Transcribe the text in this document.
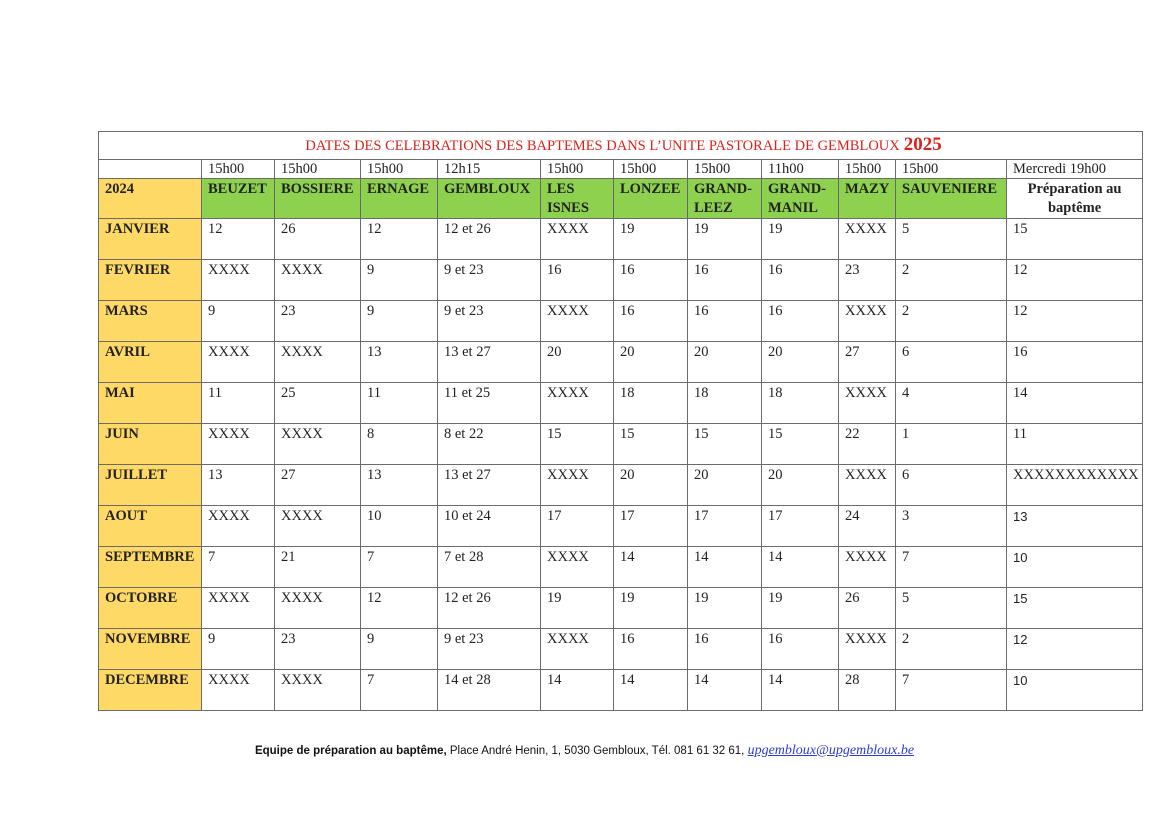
DATES DES CELEBRATIONS DES BAPTEMES DANS L’UNITE PASTORALE DE GEMBLOUX 2025											
	15h00	15h00	15h00	12h15	15h00	15h00	15h00	11h00	15h00	15h00	Mercredi 19h00
2024	BEUZET	BOSSIERE	ERNAGE	GEMBLOUX	LES ISNES	LONZEE	GRAND-LEEZ	GRAND-MANIL	MAZY	SAUVENIERE	Préparation au baptême
JANVIER	12	26	12	12 et 26	XXXX	19	19	19	XXXX	5	15
FEVRIER	XXXX	XXXX	9	9 et 23	16	16	16	16	23	2	12
MARS	9	23	9	9 et 23	XXXX	16	16	16	XXXX	2	12
AVRIL	XXXX	XXXX	13	13 et 27	20	20	20	20	27	6	16
MAI	11	25	11	11 et 25	XXXX	18	18	18	XXXX	4	14
JUIN	XXXX	XXXX	8	8 et 22	15	15	15	15	22	1	11
JUILLET	13	27	13	13 et 27	XXXX	20	20	20	XXXX	6	XXXXXXXXXXXX
AOUT	XXXX	XXXX	10	10 et 24	17	17	17	17	24	3	13
SEPTEMBRE	7	21	7	7 et 28	XXXX	14	14	14	XXXX	7	10
OCTOBRE	XXXX	XXXX	12	12 et 26	19	19	19	19	26	5	15
NOVEMBRE	9	23	9	9 et 23	XXXX	16	16	16	XXXX	2	12
DECEMBRE	XXXX	XXXX	7	14 et 28	14	14	14	14	28	7	10
Equipe de préparation au baptême, Place André Henin, 1, 5030 Gembloux, Tél. 081 61 32 61, upgembloux@upgembloux.be
